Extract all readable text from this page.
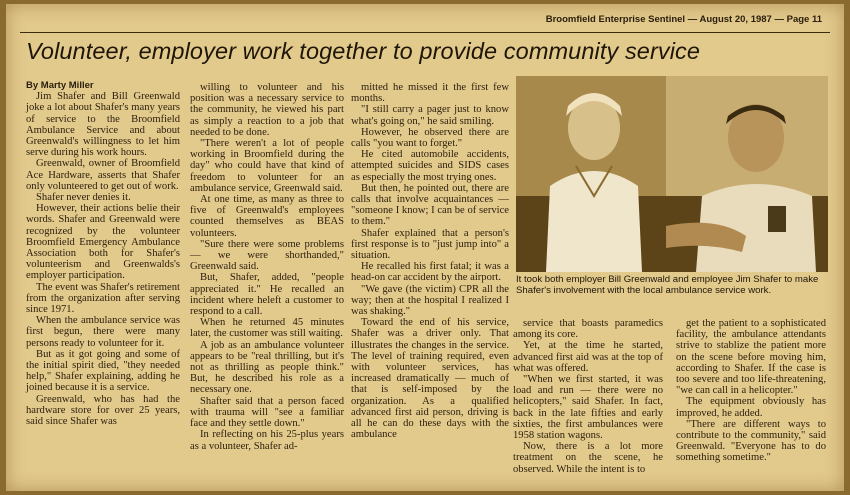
Broomfield Enterprise Sentinel — August 20, 1987 — Page 11
Volunteer, employer work together to provide community service

By Marty Miller

Jim Shafer and Bill Greenwald joke a lot about Shafer's many years of service to the Broomfield Ambulance Service and about Greenwald's willingness to let him serve during his work hours.

Greenwald, owner of Broomfield Ace Hardware, asserts that Shafer only volunteered to get out of work.

Shafer never denies it.

However, their actions belie their words. Shafer and Greenwald were recognized by the volunteer Broomfield Emergency Ambulance Association both for Shafer's volunteerism and Greenwalds's employer participation.

The event was Shafer's retirement from the organization after serving since 1971.

When the ambulance service was first begun, there were many persons ready to volunteer for it.

But as it got going and some of the initial spirit died, "they needed help," Shafer explaining, adding he joined because it is a service.

Greenwald, who has had the hardware store for over 25 years, said since Shafer was

willing to volunteer and his position was a necessary service to the community, he viewed his part as simply a reaction to a job that needed to be done.

"There weren't a lot of people working in Broomfield during the day" who could have that kind of freedom to volunteer for an ambulance service, Greenwald said.

At one time, as many as three to five of Greenwald's employees counted themselves as BEAS volunteers.

"Sure there were some problems — we were shorthanded," Greenwald said.

But, Shafer, added, "people appreciated it." He recalled an incident where heleft a customer to respond to a call.

When he returned 45 minutes later, the customer was still waiting.

A job as an ambulance volunteer appears to be "real thrilling, but it's not as thrilling as people think." But, he described his role as a necessary one.

Shafter said that a person faced with trauma will "see a familiar face and they settle down."

In reflecting on his 25-plus years as a volunteer, Shafer ad-

mitted he missed it the first few months.

"I still carry a pager just to know what's going on," he said smiling.

However, he observed there are calls "you want to forget."

He cited automobile accidents, attempted suicides and SIDS cases as especially the most trying ones.

But then, he pointed out, there are calls that involve acquaintances — "someone I know; I can be of service to them."

Shafer explained that a person's first response is to "just jump into" a situation.

He recalled his first fatal; it was a head-on car accident by the airport.

"We gave (the victim) CPR all the way; then at the hospital I realized I was shaking."

Toward the end of his service, Shafer was a driver only. That illustrates the changes in the service. The level of training required, even with volunteer services, has increased dramatically — much of that is self-imposed by the organization. As a qualified advanced first aid person, driving is all he can do these days with the ambulance

It took both employer Bill Greenwald and employee Jim Shafer to make Shafer's involvement with the local ambulance service work.

service that boasts paramedics among its core.

Yet, at the time he started, advanced first aid was at the top of what was offered.

"When we first started, it was load and run — there were no helicopters," said Shafer. In fact, back in the late fifties and early sixties, the first ambulances were 1958 station wagons.

Now, there is a lot more treatment on the scene, he observed. While the intent is to

get the patient to a sophisticated facility, the ambulance attendants strive to stablize the patient more on the scene before moving him, according to Shafer. If the case is too severe and too life-threatening, "we can call in a helicopter."

The equipment obviously has improved, he added.

"There are different ways to contribute to the community," said Greenwald. "Everyone has to do something sometime."
